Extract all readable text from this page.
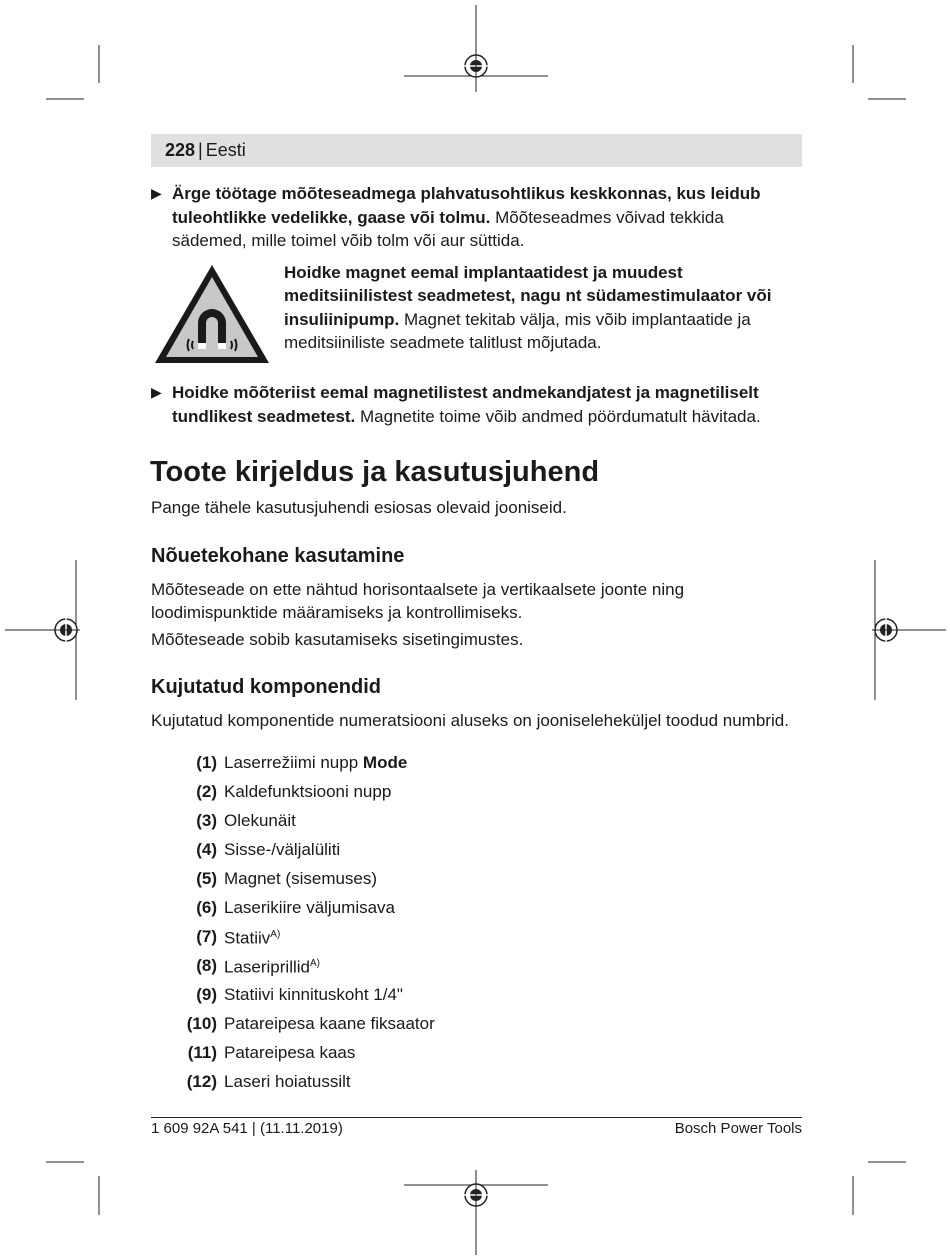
228 | Eesti
▶ Ärge töötage mõõteseadmega plahvatusohtlikus keskkonnas, kus leidub tuleohtlikke vedelikke, gaase või tolmu. Mõõteseadmes võivad tekkida sädemed, mille toimel võib tolm või aur süttida.
Hoidke magnet eemal implantaatidest ja muudest meditsiinilistest seadmetest, nagu nt südamestimulaator või insuliinipump. Magnet tekitab välja, mis võib implantaatide ja meditsiiniliste seadmete talitlust mõjutada.
▶ Hoidke mõõteriist eemal magnetilistest andmekandjatest ja magnetiliselt tundlikest seadmetest. Magnetite toime võib andmed pöördumatult hävitada.
Toote kirjeldus ja kasutusjuhend

Pange tähele kasutusjuhendi esiosas olevaid jooniseid.

Nõuetekohane kasutamine

Mõõteseade on ette nähtud horisontaalsete ja vertikaalsete joonte ning loodimispunktide määramiseks ja kontrollimiseks.

Mõõteseade sobib kasutamiseks sisetingimustes.

Kujutatud komponendid

Kujutatud komponentide numeratsiooni aluseks on jooniseleheküljel toodud numbrid.

(1) Laserrežiimi nupp Mode
(2) Kaldefunktsiooni nupp
(3) Olekunäit
(4) Sisse-/väljalüliti
(5) Magnet (sisemuses)
(6) Laserikiire väljumisava
(7) Statiiv$^{A)}$
(8) Laseriprillid$^{A)}$
(9) Statiivi kinnituskoht 1/4"
(10) Patareipesa kaane fiksaator
(11) Patareipesa kaas
(12) Laseri hoiatussilt
1 609 92A 541 | (11.11.2019)	Bosch Power Tools
